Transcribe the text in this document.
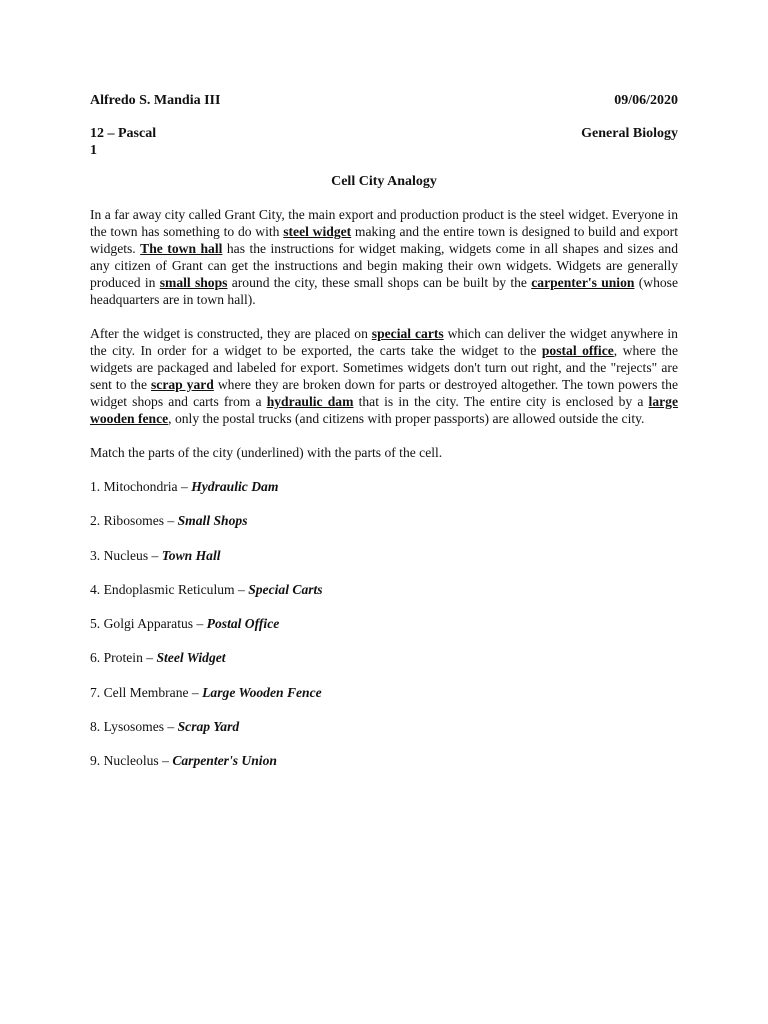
Alfredo S. Mandia III	09/06/2020
12 – Pascal	General Biology
1
Cell City Analogy

In a far away city called Grant City, the main export and production product is the steel widget. Everyone in the town has something to do with steel widget making and the entire town is designed to build and export widgets. The town hall has the instructions for widget making, widgets come in all shapes and sizes and any citizen of Grant can get the instructions and begin making their own widgets. Widgets are generally produced in small shops around the city, these small shops can be built by the carpenter's union (whose headquarters are in town hall).

After the widget is constructed, they are placed on special carts which can deliver the widget anywhere in the city. In order for a widget to be exported, the carts take the widget to the postal office, where the widgets are packaged and labeled for export. Sometimes widgets don't turn out right, and the "rejects" are sent to the scrap yard where they are broken down for parts or destroyed altogether. The town powers the widget shops and carts from a hydraulic dam that is in the city. The entire city is enclosed by a large wooden fence, only the postal trucks (and citizens with proper passports) are allowed outside the city.

Match the parts of the city (underlined) with the parts of the cell.
1. Mitochondria – Hydraulic Dam
2. Ribosomes – Small Shops
3. Nucleus – Town Hall
4. Endoplasmic Reticulum – Special Carts
5. Golgi Apparatus – Postal Office
6. Protein – Steel Widget
7. Cell Membrane – Large Wooden Fence
8. Lysosomes – Scrap Yard
9. Nucleolus – Carpenter's Union
